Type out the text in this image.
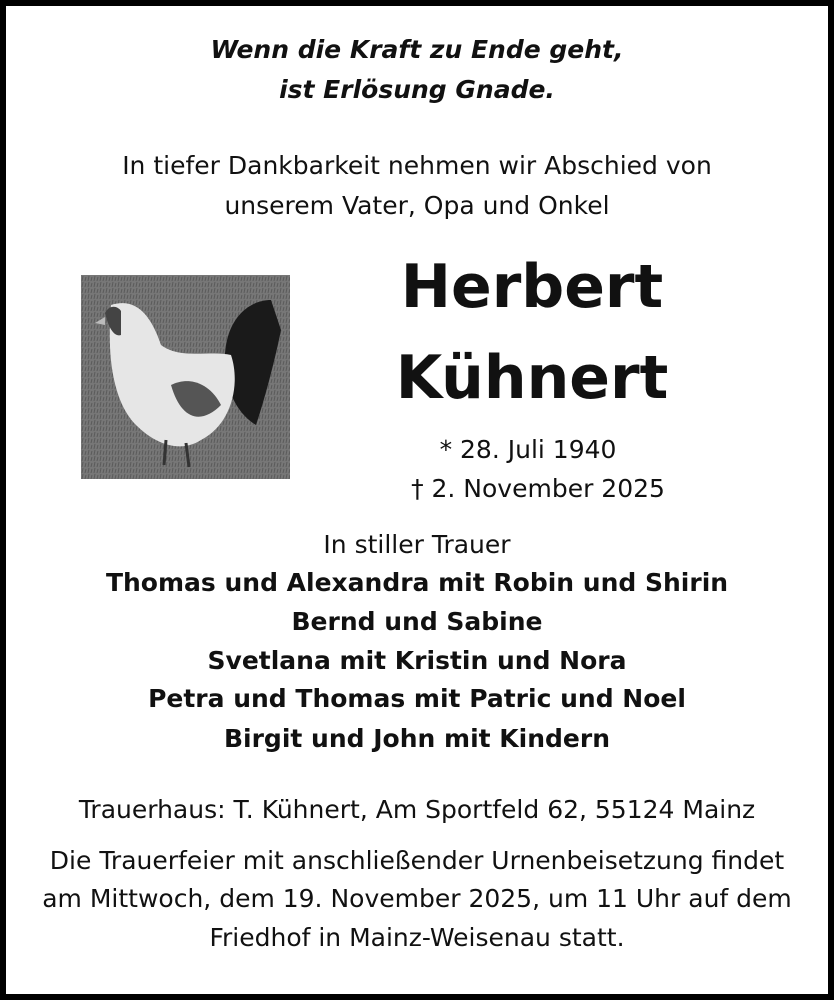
Wenn die Kraft zu Ende geht,
ist Erlösung Gnade.
In tiefer Dankbarkeit nehmen wir Abschied von
unserem Vater, Opa und Onkel
Herbert
Kühnert
* 28. Juli 1940
† 2. November 2025
In stiller Trauer
Thomas und Alexandra mit Robin und Shirin
Bernd und Sabine
Svetlana mit Kristin und Nora
Petra und Thomas mit Patric und Noel
Birgit und John mit Kindern
Trauerhaus: T. Kühnert, Am Sportfeld 62, 55124 Mainz
Die Trauerfeier mit anschließender Urnenbeisetzung findet
am Mittwoch, dem 19. November 2025, um 11 Uhr auf dem
Friedhof in Mainz-Weisenau statt.
